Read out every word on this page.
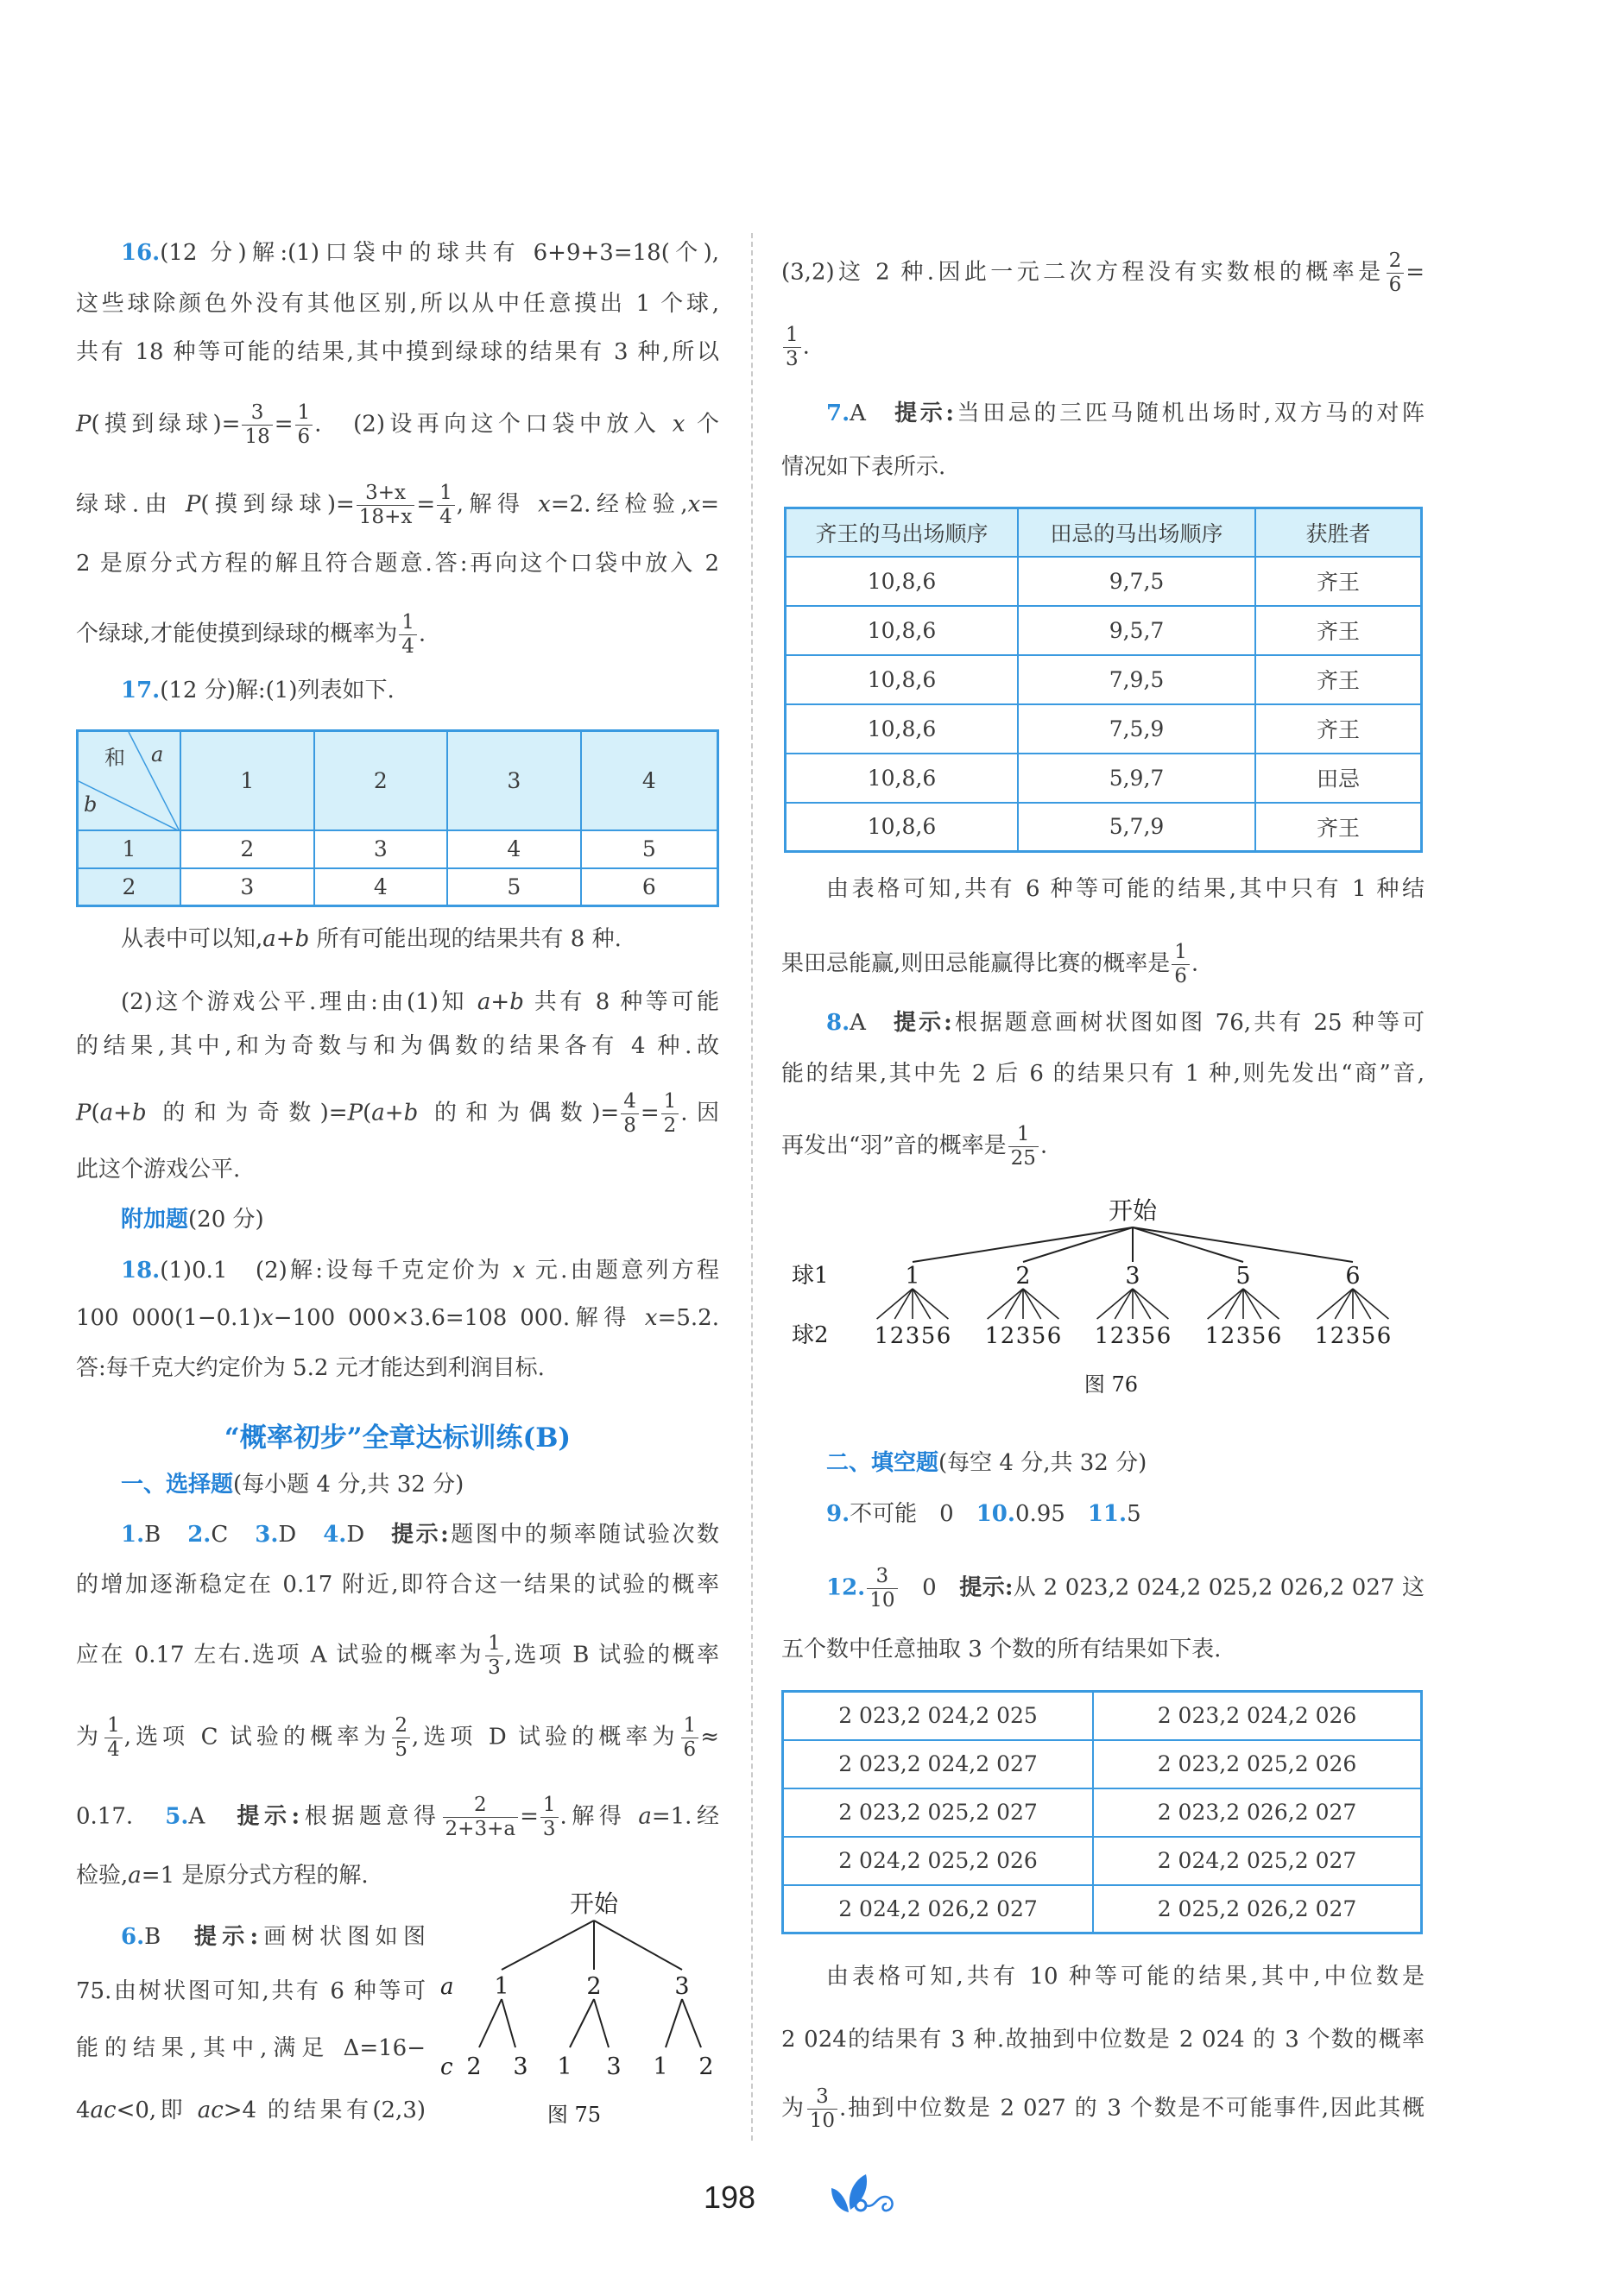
16.(12 分)解:(1)口袋中的球共有 6+9+3=18(个),
这些球除颜色外没有其他区别,所以从中任意摸出 1 个球,
共有 18 种等可能的结果,其中摸到绿球的结果有 3 种,所以
P(摸到绿球)= $\frac{3}{18} = \frac{1}{6}$ .　(2)设再向这个口袋中放入 x 个
绿球.由 P(摸到绿球)= $\frac{3+x}{18+x} = \frac{1}{4}$ ,解得 x=2.经检验,x=
2 是原分式方程的解且符合题意.答:再向这个口袋中放入 2
个绿球,才能使摸到绿球的概率为 $\frac{1}{4}$ .
17.(12 分)解:(1)列表如下.
从表中可以知,a+b 所有可能出现的结果共有 8 种.
(2)这个游戏公平.理由:由(1)知 a+b 共有 8 种等可能
的结果,其中,和为奇数与和为偶数的结果各有 4 种.故
P(a+b 的和为奇数)=P(a+b 的和为偶数)= $\frac{4}{8} = \frac{1}{2}$ .因
此这个游戏公平.
附加题(20 分)
18.(1)0.1　(2)解:设每千克定价为 x 元.由题意列方程
100 000(1−0.1)x−100 000×3.6=108 000.解得 x=5.2.
答:每千克大约定价为 5.2 元才能达到利润目标.
一、选择题(每小题 4 分,共 32 分)
1.B　2.C　3.D　4.D　提示:题图中的频率随试验次数
的增加逐渐稳定在 0.17 附近,即符合这一结果的试验的概率
应在 0.17 左右.选项 A 试验的概率为 $\frac{1}{3}$ ,选项 B 试验的概率
为 $\frac{1}{4}$ ,选项 C 试验的概率为 $\frac{2}{5}$ ,选项 D 试验的概率为 $\frac{1}{6}$ ≈
0.17.　5.A　提示:根据题意得 $\frac{2}{2+3+a} = \frac{1}{3}$ .解得 a=1.经
检验,a=1 是原分式方程的解.
6.B　提示:画树状图如图
75.由树状图可知,共有 6 种等可
能的结果,其中,满足 Δ=16−
4ac<0,即 ac>4 的结果有(2,3)
(3,2)这 2 种.因此一元二次方程没有实数根的概率是 $\frac{2}{6}$ =
$\frac{1}{3}$ .
7.A　提示:当田忌的三匹马随机出场时,双方马的对阵
情况如下表所示.
由表格可知,共有 6 种等可能的结果,其中只有 1 种结
果田忌能赢,则田忌能赢得比赛的概率是 $\frac{1}{6}$ .
8.A　提示:根据题意画树状图如图 76,共有 25 种等可
能的结果,其中先 2 后 6 的结果只有 1 种,则先发出“商”音,
再发出“羽”音的概率是 $\frac{1}{25}$ .
二、填空题(每空 4 分,共 32 分)
9.不可能　0　10.0.95　11.5
12. $\frac{3}{10}$ 　0　提示:从 2 023,2 024,2 025,2 026,2 027 这
五个数中任意抽取 3 个数的所有结果如下表.
由表格可知,共有 10 种等可能的结果,其中,中位数是
2 024的结果有 3 种.故抽到中位数是 2 024 的 3 个数的概率
为 $\frac{3}{10}$ .抽到中位数是 2 027 的 3 个数是不可能事件,因此其概
“概率初步”全章达标训练(B)
和 a
b	1	2	3	4
1	2	3	4	5
2	3	4	5	6
齐王的马出场顺序	田忌的马出场顺序	获胜者
10,8,6	9,7,5	齐王
10,8,6	9,5,7	齐王
10,8,6	7,9,5	齐王
10,8,6	7,5,9	齐王
10,8,6	5,9,7	田忌
10,8,6	5,7,9	齐王
2 023,2 024,2 025	2 023,2 024,2 026
2 023,2 024,2 027	2 023,2 025,2 026
2 023,2 025,2 027	2 023,2 026,2 027
2 024,2 025,2 026	2 024,2 025,2 027
2 024,2 026,2 027	2 025,2 026,2 027
开始
a
c
1
2 3
2
1 3
3
1 2
图 75
开始
球1
球2
1
1 2 3 5 6
2
1 2 3 5 6
3
1 2 3 5 6
5
1 2 3 5 6
6
1 2 3 5 6
图 76
198
